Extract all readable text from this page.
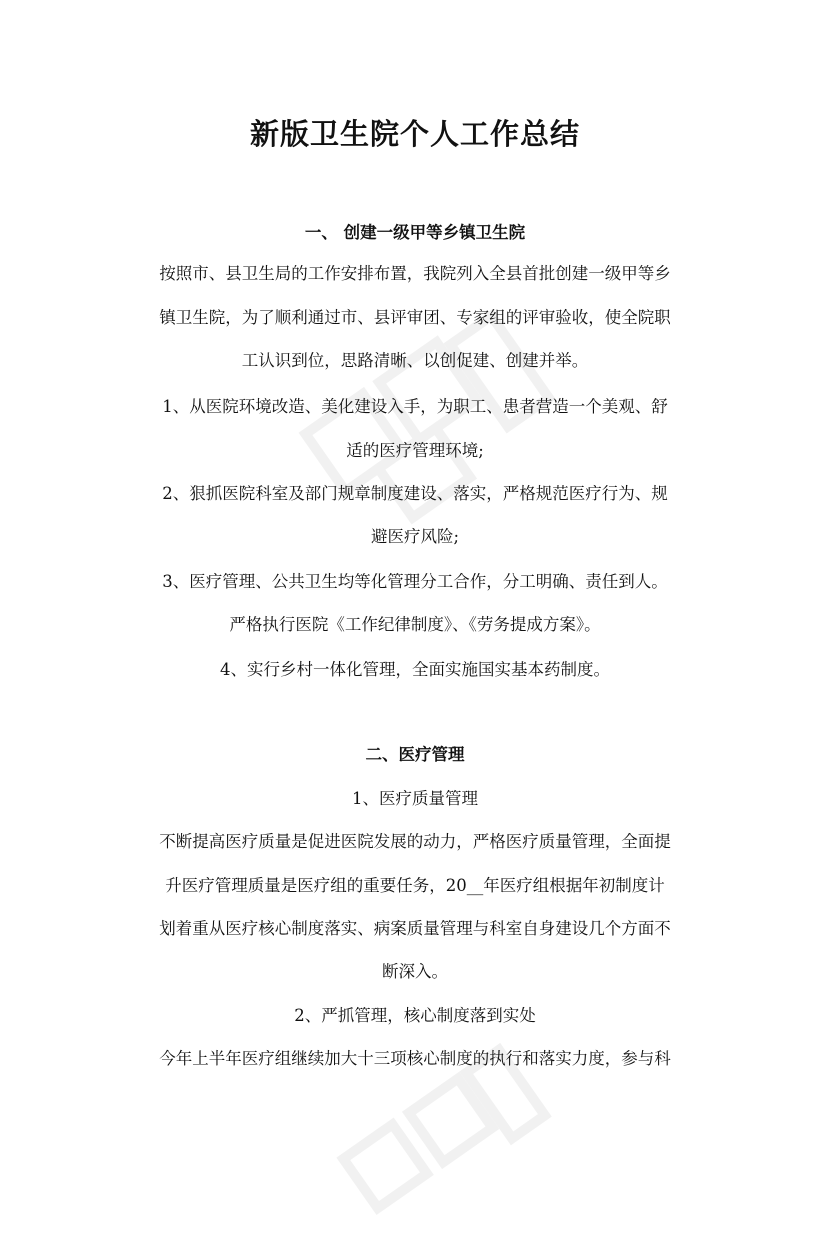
新版卫生院个人工作总结
一、 创建一级甲等乡镇卫生院
按照市、县卫生局的工作安排布置，我院列入全县首批创建一级甲等乡
镇卫生院，为了顺利通过市、县评审团、专家组的评审验收，使全院职
工认识到位，思路清晰、以创促建、创建并举。
1、从医院环境改造、美化建设入手，为职工、患者营造一个美观、舒
适的医疗管理环境;
2、狠抓医院科室及部门规章制度建设、落实，严格规范医疗行为、规
避医疗风险;
3、医疗管理、公共卫生均等化管理分工合作，分工明确、责任到人。
严格执行医院《工作纪律制度》、《劳务提成方案》。
4、实行乡村一体化管理，全面实施国实基本药制度。
二、医疗管理
1、医疗质量管理
不断提高医疗质量是促进医院发展的动力，严格医疗质量管理，全面提
升医疗管理质量是医疗组的重要任务，20__年医疗组根据年初制度计
划着重从医疗核心制度落实、病案质量管理与科室自身建设几个方面不
断深入。
2、严抓管理，核心制度落到实处
今年上半年医疗组继续加大十三项核心制度的执行和落实力度，参与科
